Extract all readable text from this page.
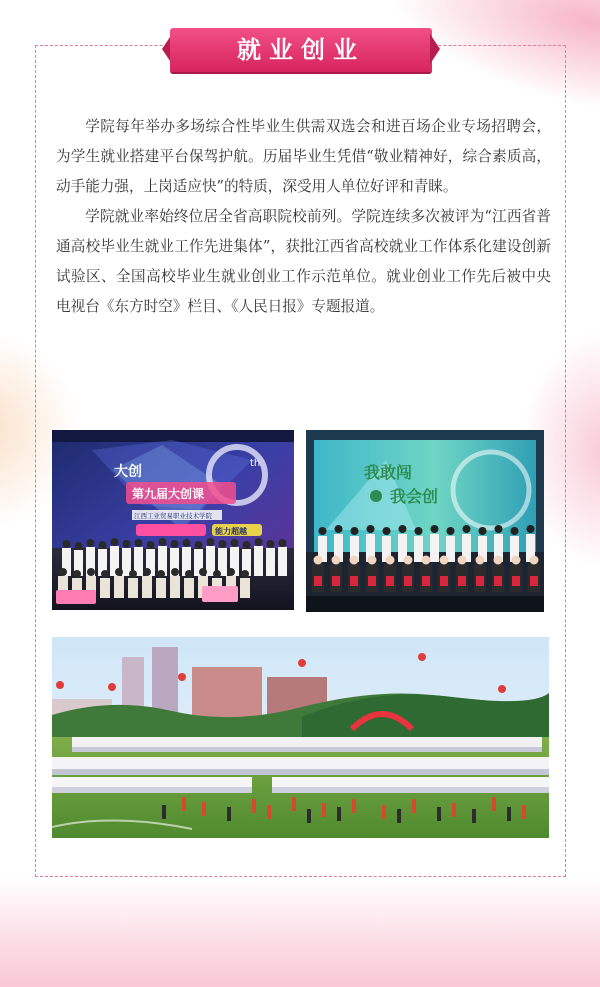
就业创业

学院每年举办多场综合性毕业生供需双选会和进百场企业专场招聘会，为学生就业搭建平台保驾护航。历届毕业生凭借“敬业精神好，综合素质高，动手能力强，上岗适应快”的特质，深受用人单位好评和青睐。

学院就业率始终位居全省高职院校前列。学院连续多次被评为“江西省普通高校毕业生就业工作先进集体”，获批江西省高校就业工作体系化建设创新试验区、全国高校毕业生就业创业工作示范单位。就业创业工作先后被中央电视台《东方时空》栏目、《人民日报》专题报道。

大创
第九届大创课
江西工业贸易职业技术学院
能力超越
th	我敢闯
我会创
